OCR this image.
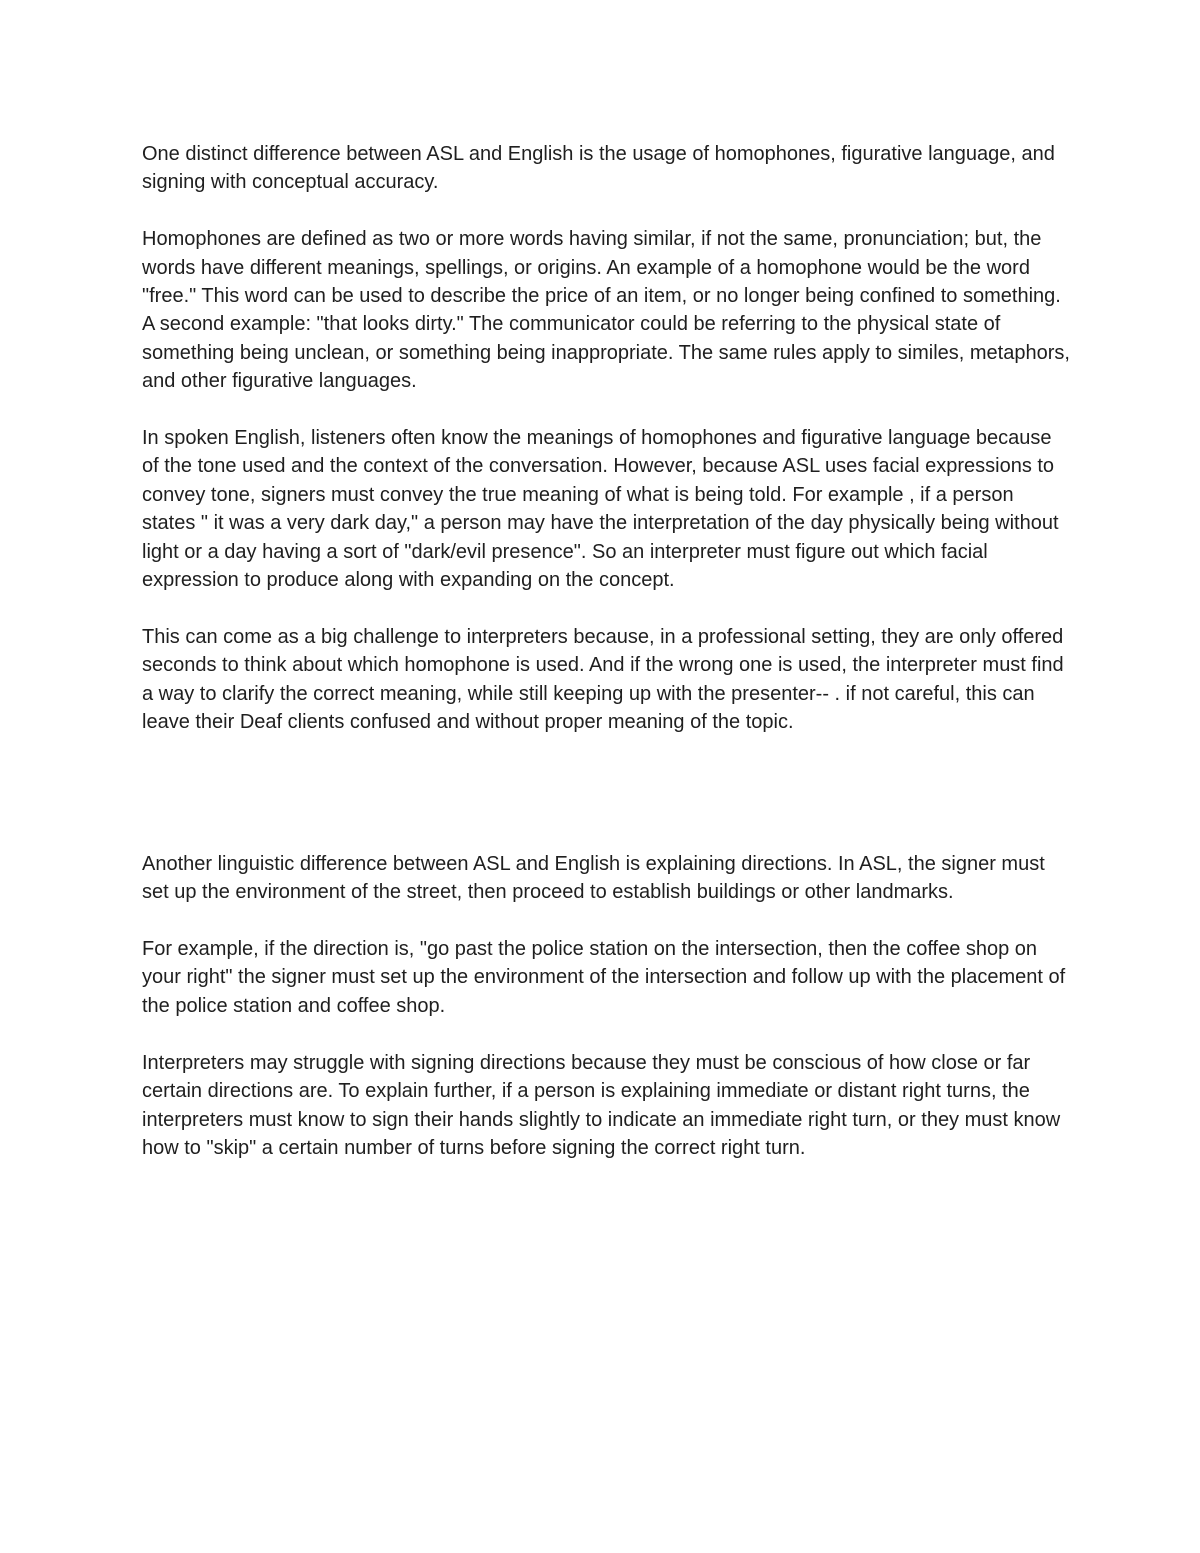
One distinct difference between ASL and English is the usage of homophones, figurative language, and signing with conceptual accuracy.

Homophones are defined as two or more words having similar, if not the same, pronunciation; but, the words have different meanings, spellings, or origins. An example of a homophone would be the word "free." This word can be used to describe the price of an item, or no longer being confined to something. A second example: "that looks dirty." The communicator could be referring to the physical state of something being unclean, or something being inappropriate. The same rules apply to similes, metaphors, and other figurative languages.

In spoken English, listeners often know the meanings of homophones and figurative language because of the tone used and the context of the conversation. However, because ASL uses facial expressions to convey tone, signers must convey the true meaning of what is being told. For example , if a person states " it was a very dark day," a person may have the interpretation of the day physically being without light or a day having a sort of "dark/evil presence". So an interpreter must figure out which facial expression to produce along with expanding on the concept.

This can come as a big challenge to interpreters because, in a professional setting, they are only offered seconds to think about which homophone is used. And if the wrong one is used, the interpreter must find a way to clarify the correct meaning, while still keeping up with the presenter-- . if not careful, this can leave their Deaf clients confused and without proper meaning of the topic.

Another linguistic difference between ASL and English is explaining directions. In ASL, the signer must set up the environment of the street, then proceed to establish buildings or other landmarks.

For example, if the direction is, "go past the police station on the intersection, then the coffee shop on your right" the signer must set up the environment of the intersection and follow up with the placement of the police station and coffee shop.

Interpreters may struggle with signing directions because they must be conscious of how close or far certain directions are. To explain further, if a person is explaining immediate or distant right turns, the interpreters must know to sign their hands slightly to indicate an immediate right turn, or they must know how to "skip" a certain number of turns before signing the correct right turn.
